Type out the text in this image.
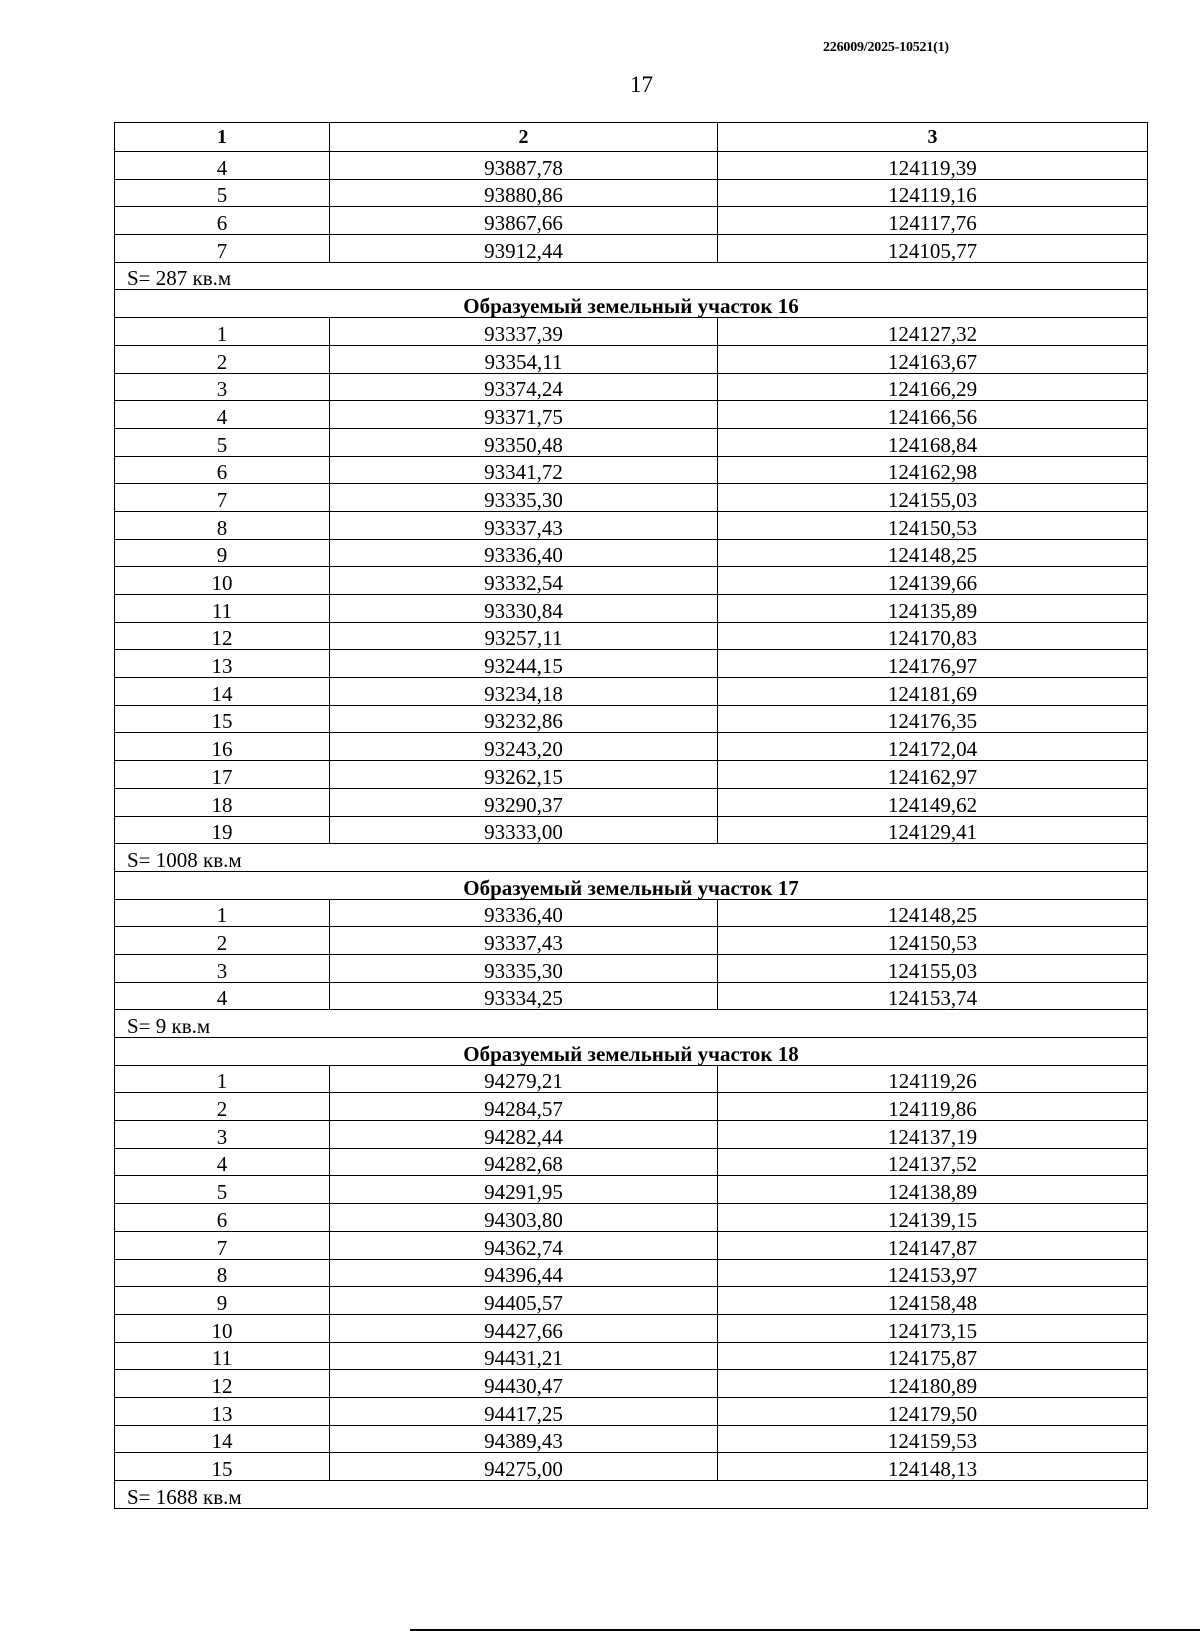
226009/2025-10521(1)
17
1	2	3
4	93887,78	124119,39
5	93880,86	124119,16
6	93867,66	124117,76
7	93912,44	124105,77
S= 287 кв.м		
Образуемый земельный участок 16		
1	93337,39	124127,32
2	93354,11	124163,67
3	93374,24	124166,29
4	93371,75	124166,56
5	93350,48	124168,84
6	93341,72	124162,98
7	93335,30	124155,03
8	93337,43	124150,53
9	93336,40	124148,25
10	93332,54	124139,66
11	93330,84	124135,89
12	93257,11	124170,83
13	93244,15	124176,97
14	93234,18	124181,69
15	93232,86	124176,35
16	93243,20	124172,04
17	93262,15	124162,97
18	93290,37	124149,62
19	93333,00	124129,41
S= 1008 кв.м		
Образуемый земельный участок 17		
1	93336,40	124148,25
2	93337,43	124150,53
3	93335,30	124155,03
4	93334,25	124153,74
S= 9 кв.м		
Образуемый земельный участок 18		
1	94279,21	124119,26
2	94284,57	124119,86
3	94282,44	124137,19
4	94282,68	124137,52
5	94291,95	124138,89
6	94303,80	124139,15
7	94362,74	124147,87
8	94396,44	124153,97
9	94405,57	124158,48
10	94427,66	124173,15
11	94431,21	124175,87
12	94430,47	124180,89
13	94417,25	124179,50
14	94389,43	124159,53
15	94275,00	124148,13
S= 1688 кв.м		
